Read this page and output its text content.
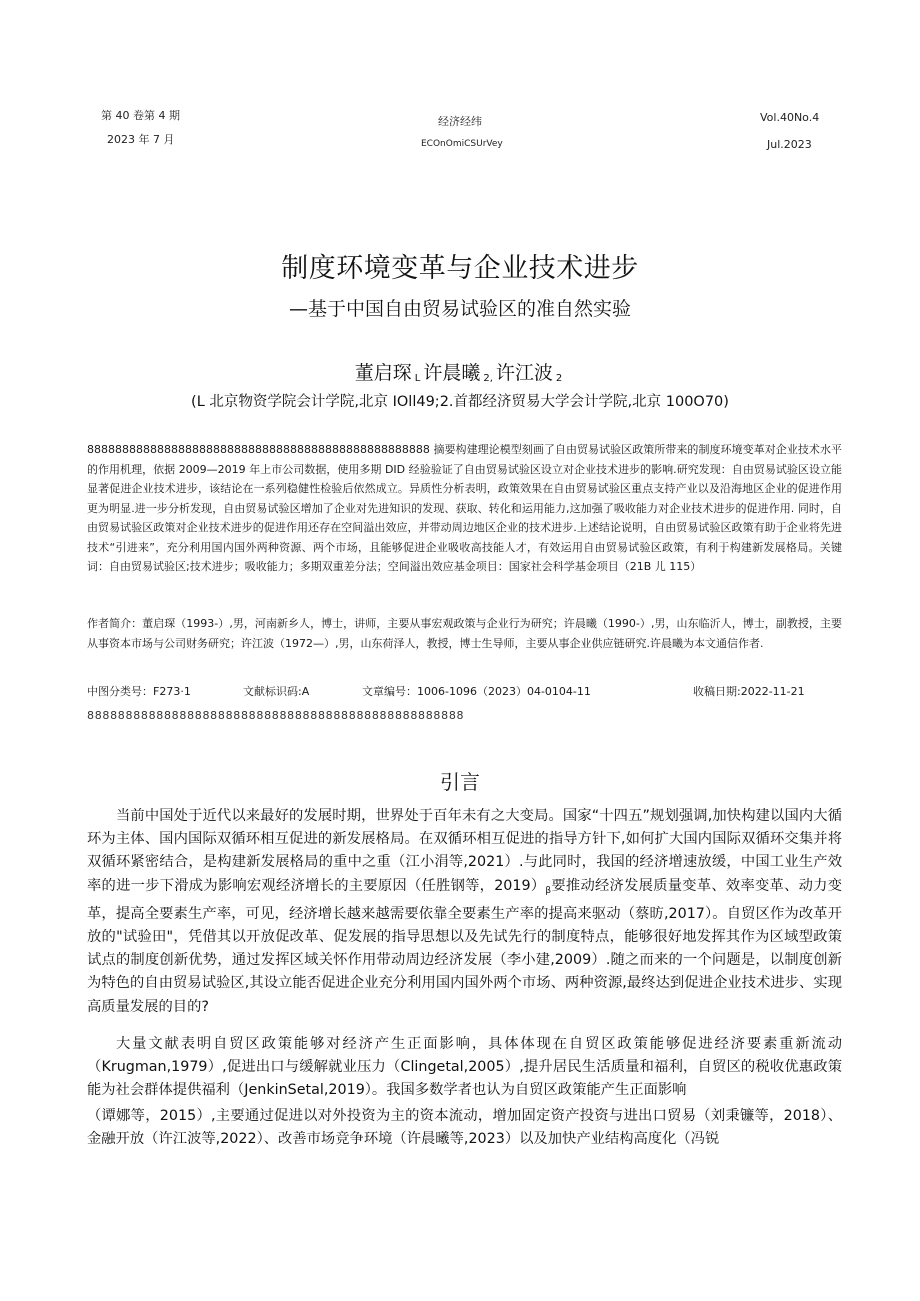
第 40 卷第 4 期
2023 年 7 月
经济经纬
ECOnOmiCSUrVey
Vol.40No.4
Jul.2023
制度环境变革与企业技术进步
—基于中国自由贸易试验区的准自然实验
董启琛 $_L$ 许晨曦 $_{2,}$ 许江波 $_2$
(L 北京物资学院会计学院,北京 IOll49;2.首都经济贸易大学会计学院,北京 100O70)

8888888888888888888888888888888888888888888888888 摘要构建理论模型刻画了自由贸易试验区政策所带来的制度环境变革对企业技术水平的作用机理，依据 2009—2019 年上市公司数据，使用多期 DID 经验验证了自由贸易试验区设立对企业技术进步的影响.研究发现：自由贸易试验区设立能显著促进企业技术进步，该结论在一系列稳健性检验后依然成立。异质性分析表明，政策效果在自由贸易试验区重点支持产业以及沿海地区企业的促进作用更为明显.进一步分析发现，自由贸易试验区增加了企业对先进知识的发现、获取、转化和运用能力,这加强了吸收能力对企业技术进步的促进作用. 同时，自由贸易试验区政策对企业技术进步的促进作用还存在空间溢出效应，并带动周边地区企业的技术进步.上述结论说明，自由贸易试验区政策有助于企业将先进技术“引进来”，充分利用国内国外两种资源、两个市场，且能够促进企业吸收高技能人才，有效运用自由贸易试验区政策，有利于构建新发展格局。关键词：自由贸易试验区;技术进步；吸收能力；多期双重差分法；空间溢出效应基金项目：国家社会科学基金项目（21B 儿 115）

作者简介：董启琛（1993-）,男，河南新乡人，博士，讲师，主要从事宏观政策与企业行为研究；许晨曦（1990-）,男，山东临沂人，博士，副教授，主要从事资本市场与公司财务研究；许江波（1972—）,男，山东荷泽人，教授，博士生导师，主要从事企业供应链研究.许晨曦为本文通信作者.

中图分类号：F273·1	文献标识码:A	文章编号：1006-1096（2023）04-0104-11	收稿日期:2022-11-21
8888888888888888888888888888888888888888888888888
引言

当前中国处于近代以来最好的发展时期，世界处于百年未有之大变局。国家“十四五”规划强调,加快构建以国内大循环为主体、国内国际双循环相互促进的新发展格局。在双循环相互促进的指导方针下,如何扩大国内国际双循环交集并将双循环紧密结合，是构建新发展格局的重中之重（江小涓等,2021）.与此同时，我国的经济增速放缓，中国工业生产效率的进一步下滑成为影响宏观经济增长的主要原因（任胜钢等，$2019)_\beta$要推动经济发展质量变革、效率变革、动力变革，提高全要素生产率，可见，经济增长越来越需要依靠全要素生产率的提高来驱动（蔡昉,2017）。自贸区作为改革开放的"试验田"，凭借其以开放促改革、促发展的指导思想以及先试先行的制度特点，能够很好地发挥其作为区域型政策试点的制度创新优势，通过发挥区域关怀作用带动周边经济发展（李小建,2009）.随之而来的一个问题是，以制度创新为特色的自由贸易试验区,其设立能否促进企业充分利用国内国外两个市场、两种资源,最终达到促进企业技术进步、实现高质量发展的目的?

大量文献表明自贸区政策能够对经济产生正面影响，具体体现在自贸区政策能够促进经济要素重新流动（Krugman,1979）,促进出口与缓解就业压力（Clingetal,2005）,提升居民生活质量和福利，自贸区的税收优惠政策能为社会群体提供福利（JenkinSetal,2019）。我国多数学者也认为自贸区政策能产生正面影响

（谭娜等，2015）,主要通过促进以对外投资为主的资本流动，增加固定资产投资与进出口贸易（刘秉镰等，2018）、金融开放（许江波等,2022）、改善市场竞争环境（许晨曦等,2023）以及加快产业结构高度化（冯锐
